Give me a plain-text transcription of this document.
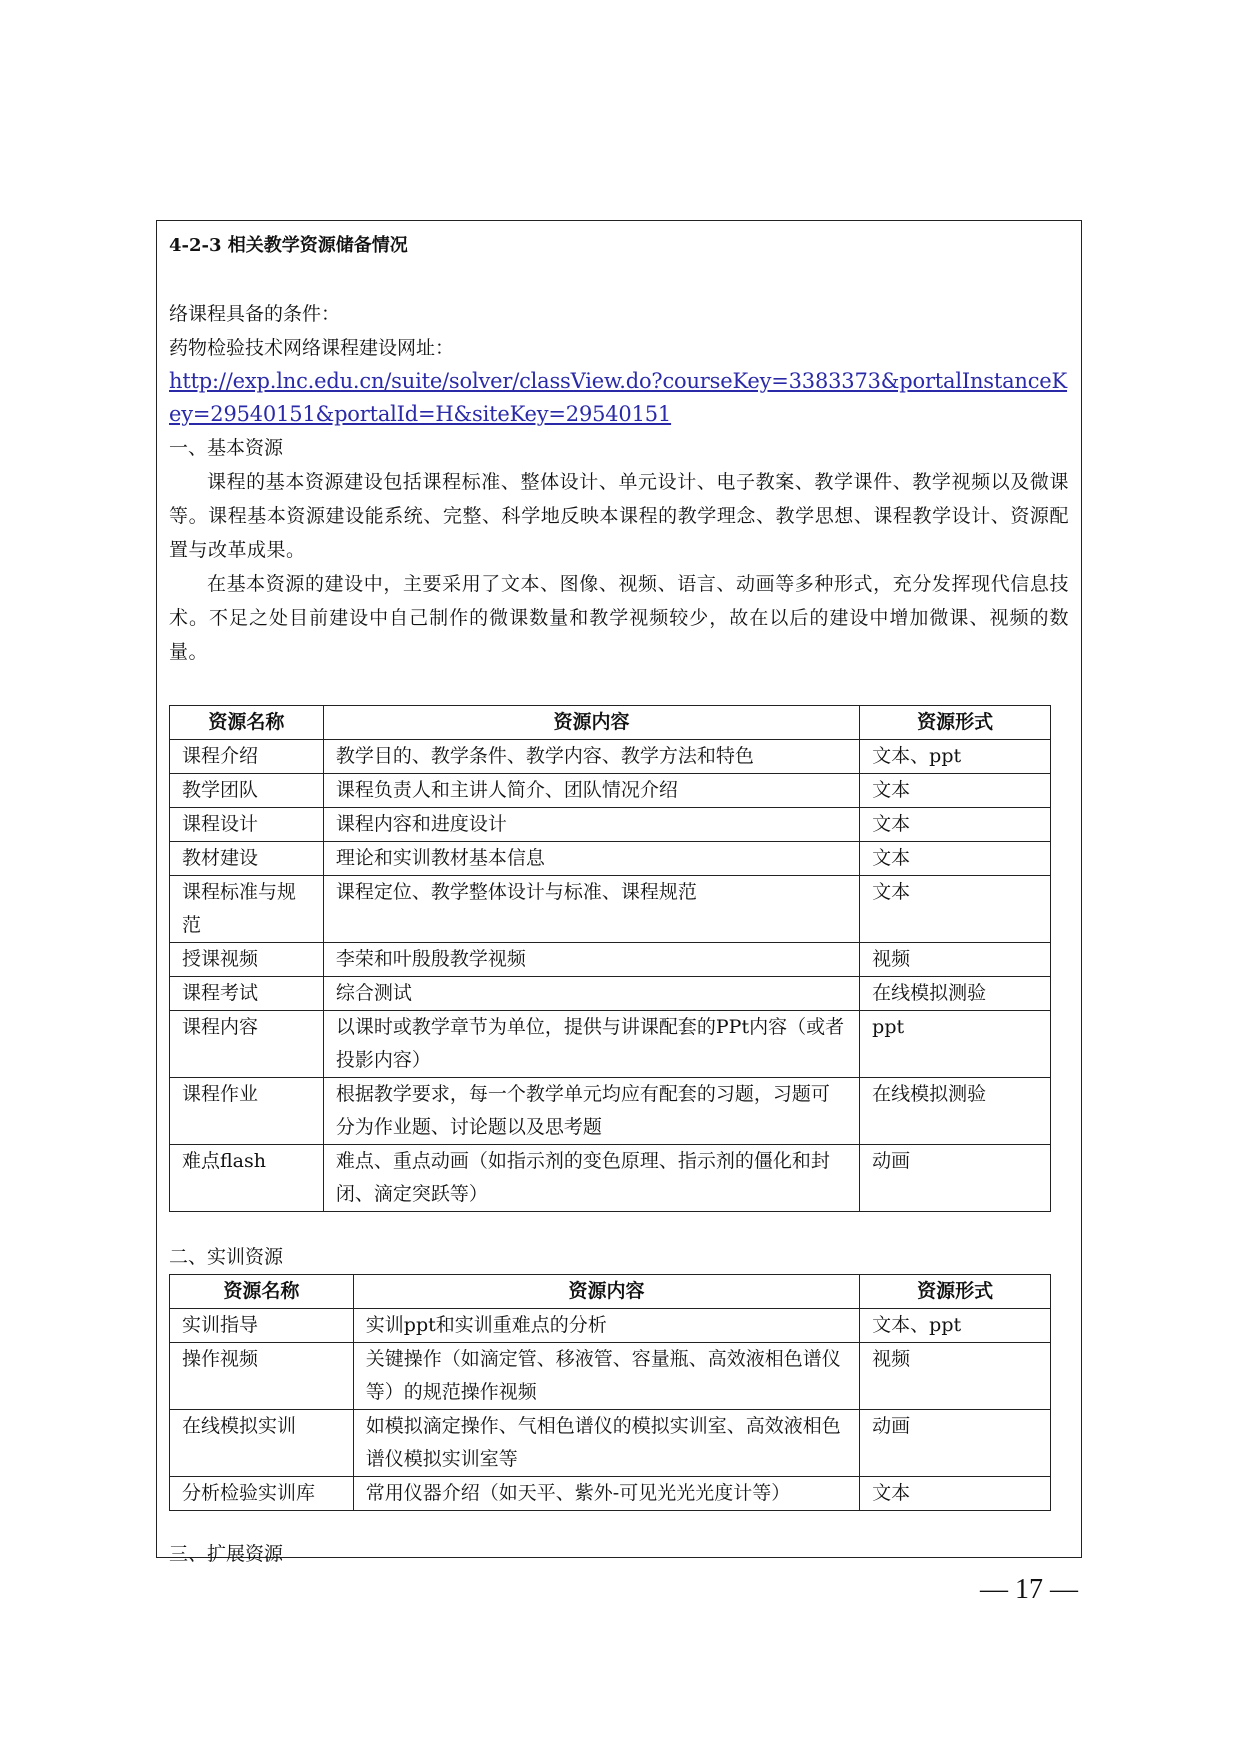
4-2-3 相关教学资源储备情况

络课程具备的条件：

药物检验技术网络课程建设网址：

http://exp.lnc.edu.cn/suite/solver/classView.do?courseKey=3383373&portalInstanceKey=29540151&portalId=H&siteKey=29540151

一、基本资源

课程的基本资源建设包括课程标准、整体设计、单元设计、电子教案、教学课件、教学视频以及微课等。课程基本资源建设能系统、完整、科学地反映本课程的教学理念、教学思想、课程教学设计、资源配置与改革成果。

在基本资源的建设中，主要采用了文本、图像、视频、语言、动画等多种形式，充分发挥现代信息技术。不足之处目前建设中自己制作的微课数量和教学视频较少，故在以后的建设中增加微课、视频的数量。

资源名称	资源内容	资源形式
课程介绍	教学目的、教学条件、教学内容、教学方法和特色	文本、ppt
教学团队	课程负责人和主讲人简介、团队情况介绍	文本
课程设计	课程内容和进度设计	文本
教材建设	理论和实训教材基本信息	文本
课程标准与规范	课程定位、教学整体设计与标准、课程规范	文本
授课视频	李荣和叶殷殷教学视频	视频
课程考试	综合测试	在线模拟测验
课程内容	以课时或教学章节为单位，提供与讲课配套的PPt内容（或者投影内容）	ppt
课程作业	根据教学要求，每一个教学单元均应有配套的习题，习题可分为作业题、讨论题以及思考题	在线模拟测验
难点flash	难点、重点动画（如指示剂的变色原理、指示剂的僵化和封闭、滴定突跃等）	动画

二、实训资源

资源名称	资源内容	资源形式
实训指导	实训ppt和实训重难点的分析	文本、ppt
操作视频	关键操作（如滴定管、移液管、容量瓶、高效液相色谱仪等）的规范操作视频	视频
在线模拟实训	如模拟滴定操作、气相色谱仪的模拟实训室、高效液相色谱仪模拟实训室等	动画
分析检验实训库	常用仪器介绍（如天平、紫外-可见光光光度计等）	文本

三、扩展资源

— 17 —
